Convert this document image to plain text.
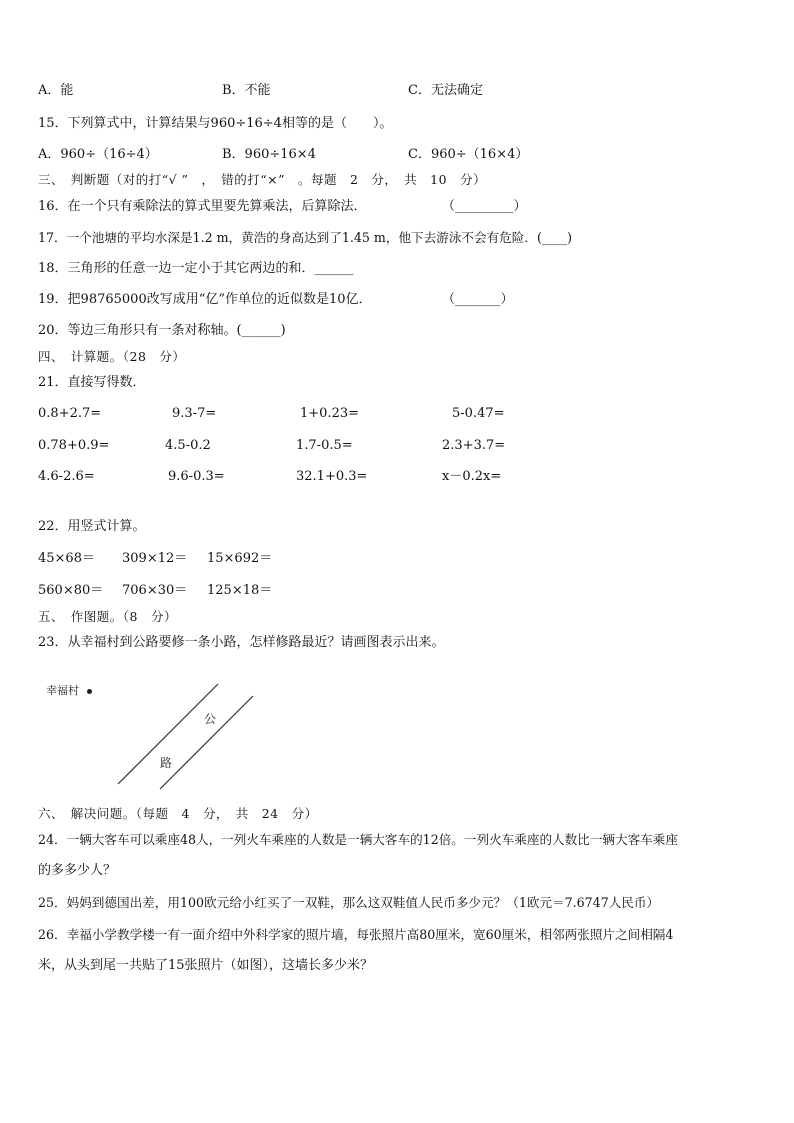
A．能	B．不能	C．无法确定
15．下列算式中，计算结果与960÷16÷4相等的是（　　）。
A．960÷（16÷4）	B．960÷16×4	C．960÷（16×4）
三、　判断题（对的打“√ ”　，　错的打“×”　。每题　2　分，　共　10　分）
16．在一个只有乘除法的算式里要先算乘法，后算除法．	（_________）
17．一个池塘的平均水深是1.2 m，黄浩的身高达到了1.45 m，他下去游泳不会有危险．(____)
18．三角形的任意一边一定小于其它两边的和．______
19．把98765000改写成用“亿”作单位的近似数是10亿．	（_______）
20．等边三角形只有一条对称轴。(______)
四、　计算题。（28　分）
21．直接写得数．
0.8+2.7=	9.3-7=	1+0.23=	5-0.47=
0.78+0.9=	4.5-0.2	1.7-0.5=	2.3+3.7=
4.6-2.6=	9.6-0.3=	32.1+0.3=	x－0.2x=
22．用竖式计算。
45×68＝ 309×12＝ 15×692＝
560×80＝ 706×30＝ 125×18＝
五、　作图题。（8　分）
23．从幸福村到公路要修一条小路，怎样修路最近？请画图表示出来。
幸福村
公
路
六、　解决问题。（每题　4　分，　共　24　分）
24．一辆大客车可以乘座48人，一列火车乘座的人数是一辆大客车的12倍。一列火车乘座的人数比一辆大客车乘座
的多多少人？
25．妈妈到德国出差，用100欧元给小红买了一双鞋，那么这双鞋值人民币多少元？（1欧元＝7.6747人民币）
26．幸福小学教学楼一有一面介绍中外科学家的照片墙，每张照片高80厘米，宽60厘米，相邻两张照片之间相隔4
米，从头到尾一共贴了15张照片（如图），这墙长多少米？
